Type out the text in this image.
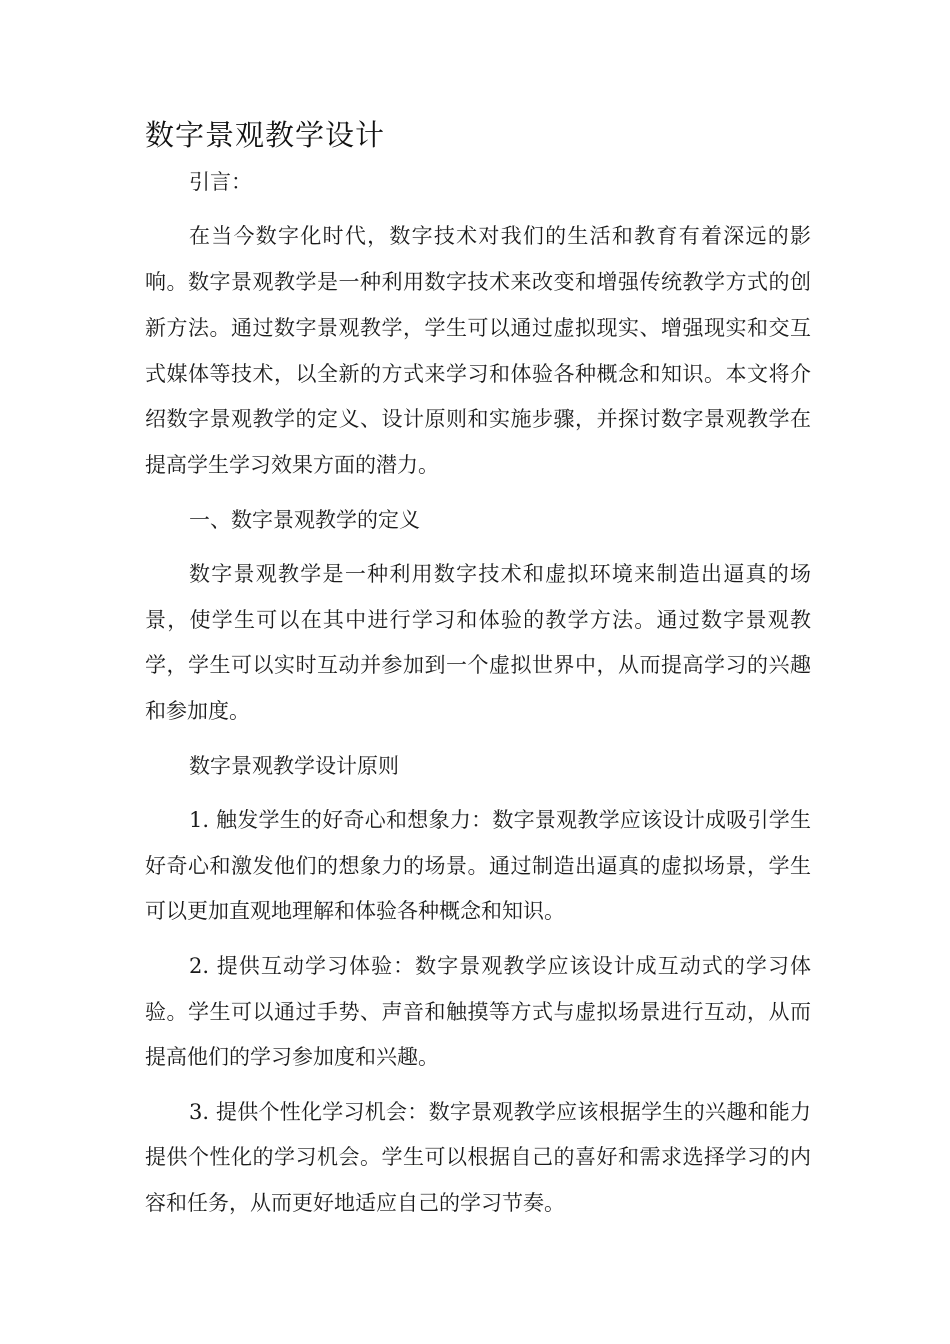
数字景观教学设计

引言：

在当今数字化时代，数字技术对我们的生活和教育有着深远的影响。数字景观教学是一种利用数字技术来改变和增强传统教学方式的创新方法。通过数字景观教学，学生可以通过虚拟现实、增强现实和交互式媒体等技术，以全新的方式来学习和体验各种概念和知识。本文将介绍数字景观教学的定义、设计原则和实施步骤，并探讨数字景观教学在提高学生学习效果方面的潜力。

一、数字景观教学的定义

数字景观教学是一种利用数字技术和虚拟环境来制造出逼真的场景，使学生可以在其中进行学习和体验的教学方法。通过数字景观教学，学生可以实时互动并参加到一个虚拟世界中，从而提高学习的兴趣和参加度。

数字景观教学设计原则

1. 触发学生的好奇心和想象力：数字景观教学应该设计成吸引学生好奇心和激发他们的想象力的场景。通过制造出逼真的虚拟场景，学生可以更加直观地理解和体验各种概念和知识。

2. 提供互动学习体验：数字景观教学应该设计成互动式的学习体验。学生可以通过手势、声音和触摸等方式与虚拟场景进行互动，从而提高他们的学习参加度和兴趣。

3. 提供个性化学习机会：数字景观教学应该根据学生的兴趣和能力提供个性化的学习机会。学生可以根据自己的喜好和需求选择学习的内容和任务，从而更好地适应自己的学习节奏。
